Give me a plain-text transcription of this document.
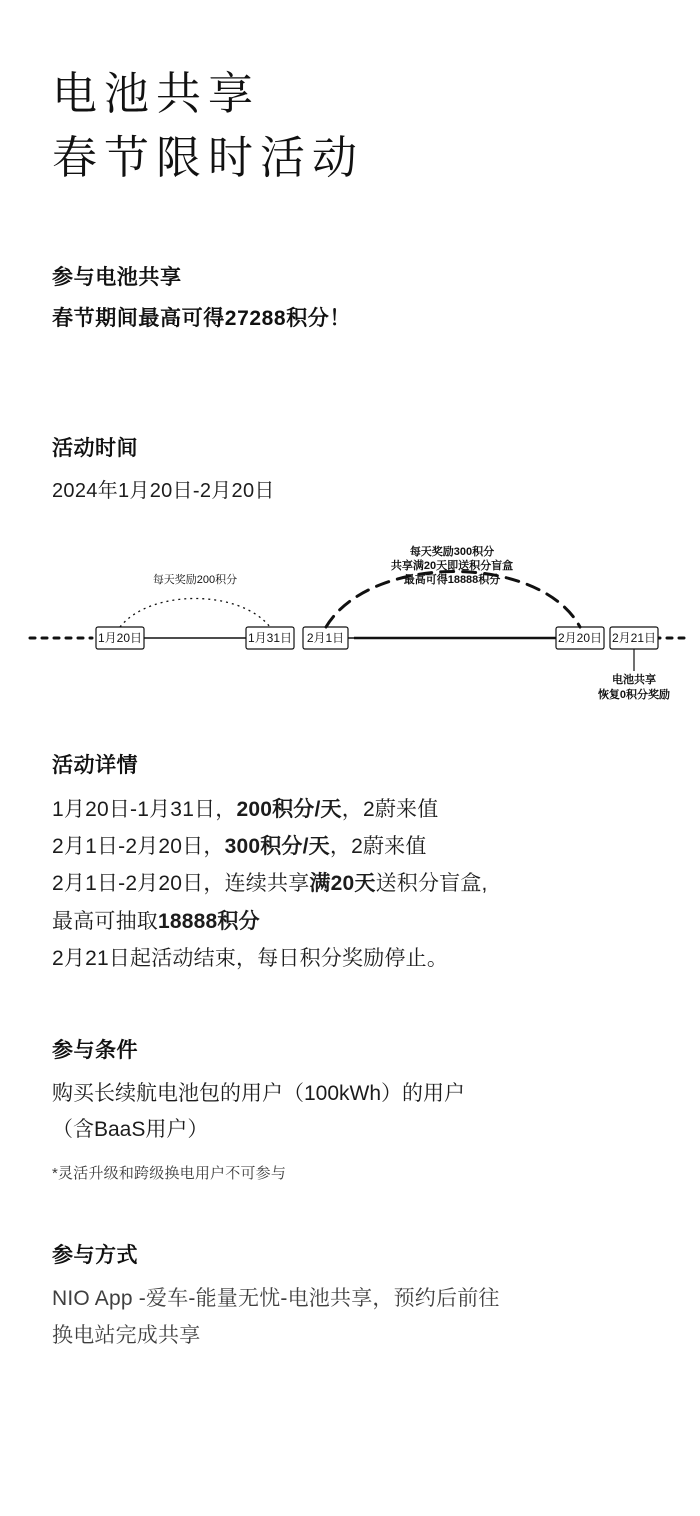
电池共享
春节限时活动
参与电池共享
春节期间最高可得27288积分！
活动时间
2024年1月20日-2月20日
1月20日	1月31日 2月1日	2月20日 2月21日
每天奖励200积分
每天奖励300积分
共享满20天即送积分盲盒
最高可得18888积分
电池共享
恢复0积分奖励
活动详情
1月20日-1月31日，200积分/天，2蔚来值
2月1日-2月20日，300积分/天，2蔚来值
2月1日-2月20日，连续共享满20天送积分盲盒,
最高可抽取18888积分
2月21日起活动结束，每日积分奖励停止。
参与条件
购买长续航电池包的用户（100kWh）的用户
（含BaaS用户）
*灵活升级和跨级换电用户不可参与
参与方式
NIO App -爱车-能量无忧-电池共享，预约后前往
换电站完成共享
